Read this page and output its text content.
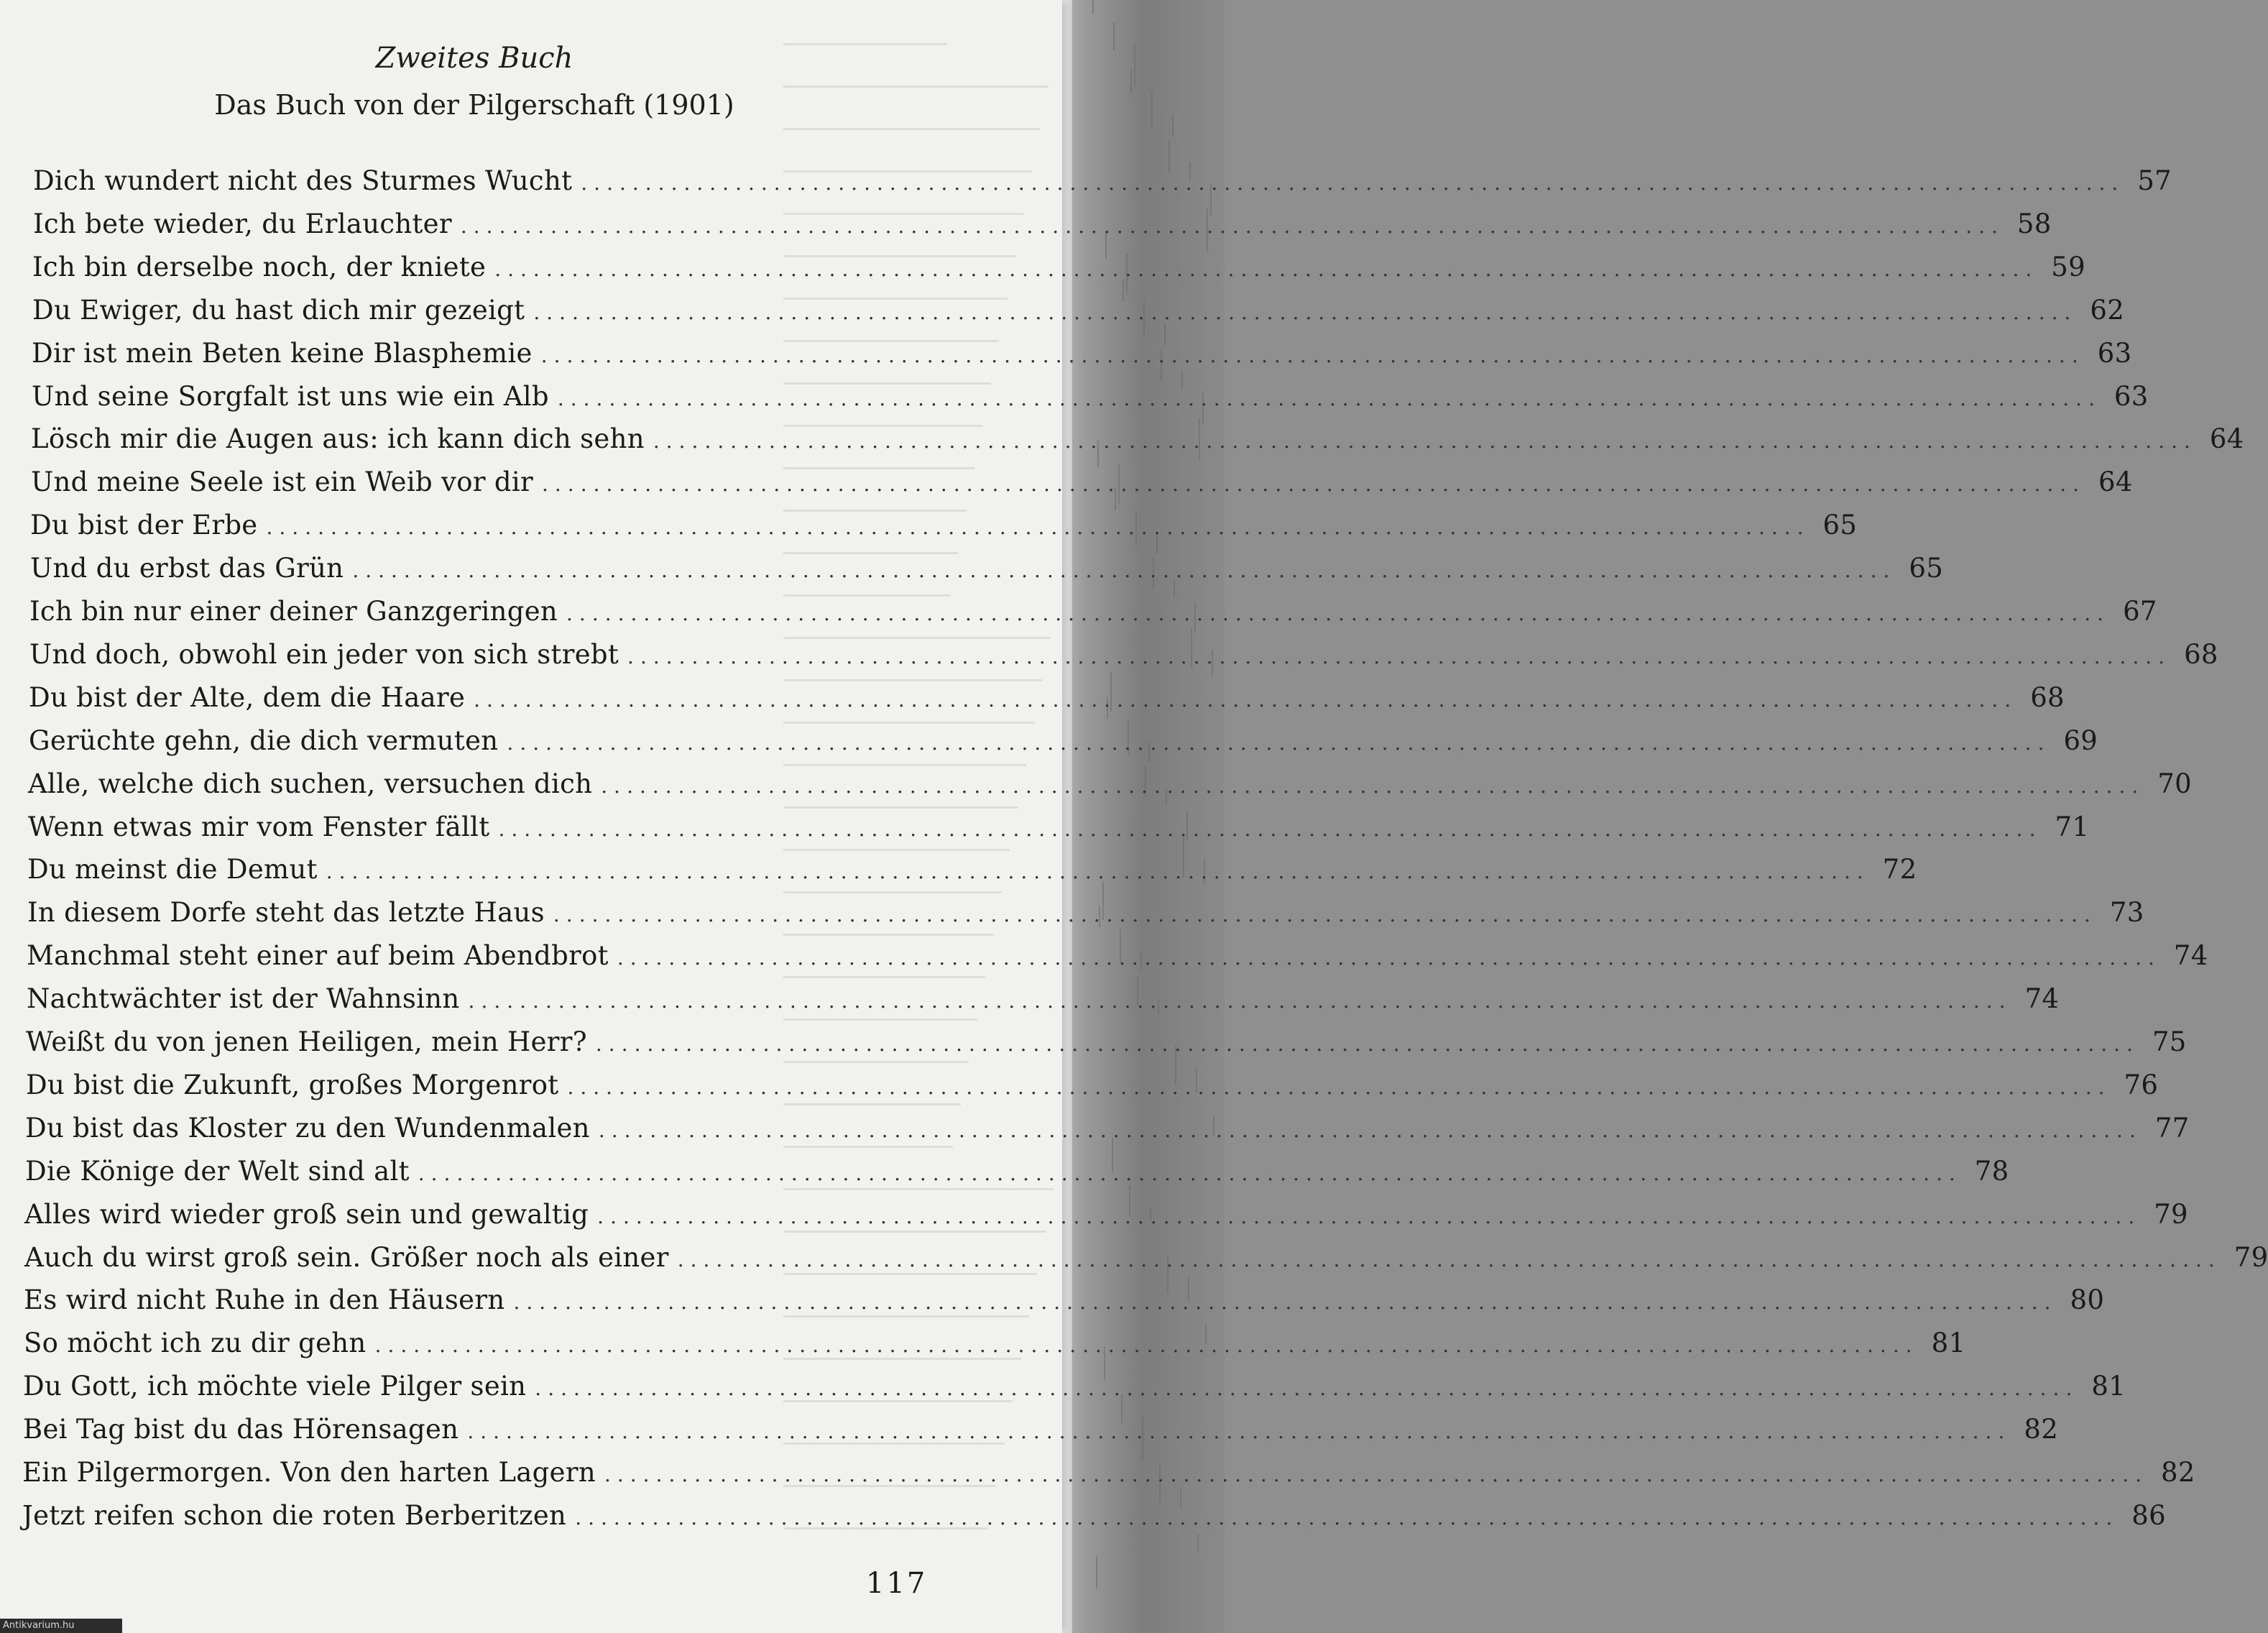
Zweites Buch
Das Buch von der Pilgerschaft (1901)
Dich wundert nicht des Sturmes Wucht ........................................................................................................................ 57
Ich bete wieder, du Erlauchter ........................................................................................................................ 58
Ich bin derselbe noch, der kniete ........................................................................................................................ 59
Du Ewiger, du hast dich mir gezeigt ........................................................................................................................ 62
Dir ist mein Beten keine Blasphemie ........................................................................................................................ 63
Und seine Sorgfalt ist uns wie ein Alb ........................................................................................................................ 63
Lösch mir die Augen aus: ich kann dich sehn ........................................................................................................................ 64
Und meine Seele ist ein Weib vor dir ........................................................................................................................ 64
Du bist der Erbe ........................................................................................................................ 65
Und du erbst das Grün ........................................................................................................................ 65
Ich bin nur einer deiner Ganzgeringen ........................................................................................................................ 67
Und doch, obwohl ein jeder von sich strebt ........................................................................................................................ 68
Du bist der Alte, dem die Haare ........................................................................................................................ 68
Gerüchte gehn, die dich vermuten ........................................................................................................................ 69
Alle, welche dich suchen, versuchen dich ........................................................................................................................ 70
Wenn etwas mir vom Fenster fällt ........................................................................................................................ 71
Du meinst die Demut ........................................................................................................................ 72
In diesem Dorfe steht das letzte Haus ........................................................................................................................ 73
Manchmal steht einer auf beim Abendbrot ........................................................................................................................ 74
Nachtwächter ist der Wahnsinn ........................................................................................................................ 74
Weißt du von jenen Heiligen, mein Herr? ........................................................................................................................ 75
Du bist die Zukunft, großes Morgenrot ........................................................................................................................ 76
Du bist das Kloster zu den Wundenmalen ........................................................................................................................ 77
Die Könige der Welt sind alt ........................................................................................................................ 78
Alles wird wieder groß sein und gewaltig ........................................................................................................................ 79
Auch du wirst groß sein. Größer noch als einer ........................................................................................................................ 79
Es wird nicht Ruhe in den Häusern ........................................................................................................................ 80
So möcht ich zu dir gehn ........................................................................................................................ 81
Du Gott, ich möchte viele Pilger sein ........................................................................................................................ 81
Bei Tag bist du das Hörensagen ........................................................................................................................ 82
Ein Pilgermorgen. Von den harten Lagern ........................................................................................................................ 82
Jetzt reifen schon die roten Berberitzen ........................................................................................................................ 86
117
Antikvarium.hu
